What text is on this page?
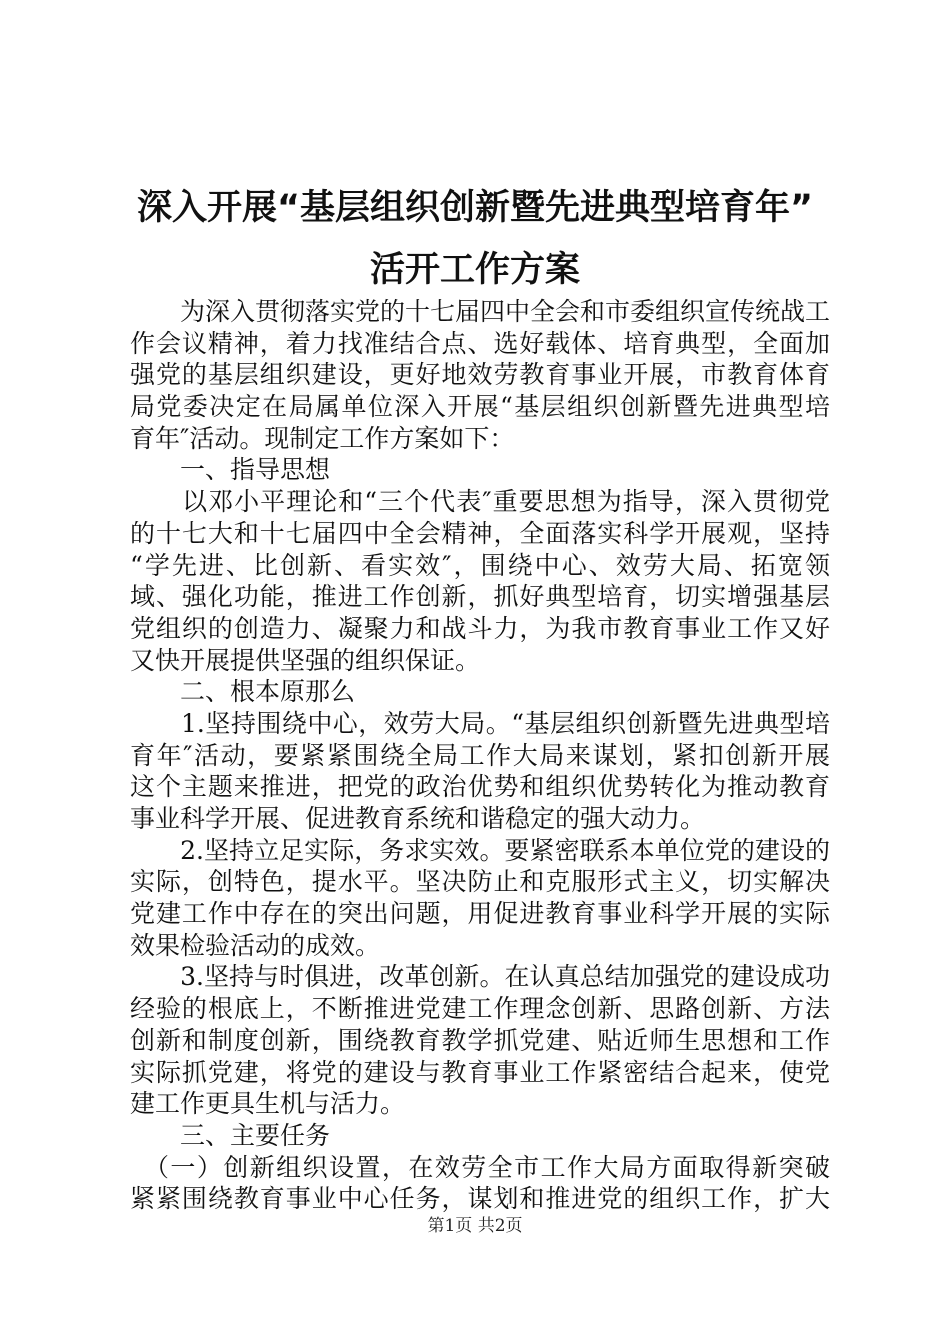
深入开展“基层组织创新暨先进典型培育年”
活开工作方案
　　为深入贯彻落实党的十七届四中全会和市委组织宣传统战工
作会议精神，着力找准结合点、选好载体、培育典型，全面加
强党的基层组织建设，更好地效劳教育事业开展，市教育体育
局党委决定在局属单位深入开展“基层组织创新暨先进典型培
育年″活动。现制定工作方案如下：
　　一、指导思想
　　以邓小平理论和“三个代表″重要思想为指导，深入贯彻党
的十七大和十七届四中全会精神，全面落实科学开展观，坚持
“学先进、比创新、看实效″，围绕中心、效劳大局、拓宽领
域、强化功能，推进工作创新，抓好典型培育，切实增强基层
党组织的创造力、凝聚力和战斗力，为我市教育事业工作又好
又快开展提供坚强的组织保证。
　　二、根本原那么
　　1.坚持围绕中心，效劳大局。“基层组织创新暨先进典型培
育年″活动，要紧紧围绕全局工作大局来谋划，紧扣创新开展
这个主题来推进，把党的政治优势和组织优势转化为推动教育
事业科学开展、促进教育系统和谐稳定的强大动力。
　　2.坚持立足实际，务求实效。要紧密联系本单位党的建设的
实际，创特色，提水平。坚决防止和克服形式主义，切实解决
党建工作中存在的突出问题，用促进教育事业科学开展的实际
效果检验活动的成效。
　　3.坚持与时俱进，改革创新。在认真总结加强党的建设成功
经验的根底上，不断推进党建工作理念创新、思路创新、方法
创新和制度创新，围绕教育教学抓党建、贴近师生思想和工作
实际抓党建，将党的建设与教育事业工作紧密结合起来，使党
建工作更具生机与活力。
　　三、主要任务
　（一）创新组织设置，在效劳全市工作大局方面取得新突破
紧紧围绕教育事业中心任务，谋划和推进党的组织工作，扩大
第1页 共2页
